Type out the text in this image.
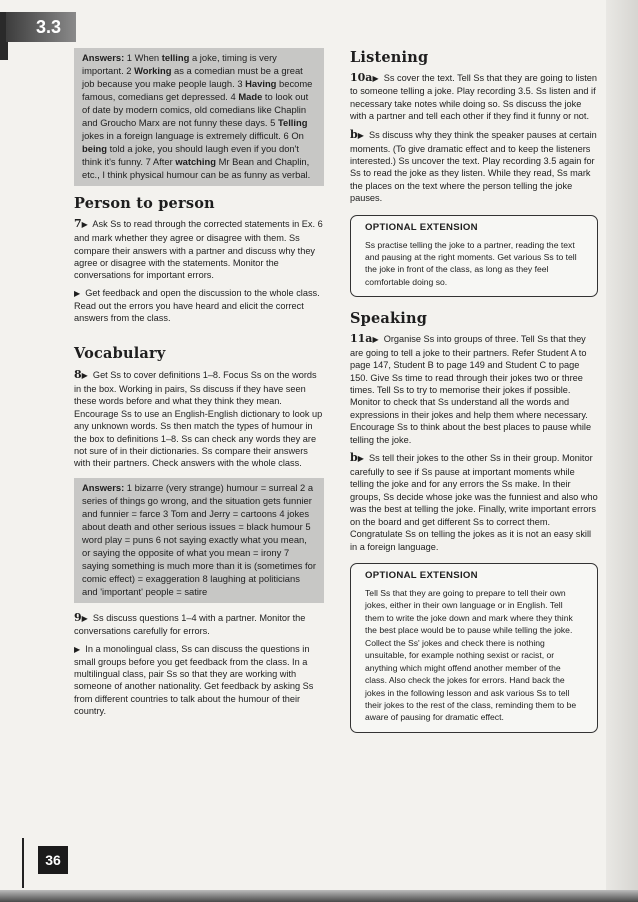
3.3
Answers: 1 When telling a joke, timing is very important. 2 Working as a comedian must be a great job because you make people laugh. 3 Having become famous, comedians get depressed. 4 Made to look out of date by modern comics, old comedians like Chaplin and Groucho Marx are not funny these days. 5 Telling jokes in a foreign language is extremely difficult. 6 On being told a joke, you should laugh even if you don't think it's funny. 7 After watching Mr Bean and Chaplin, etc., I think physical humour can be as funny as verbal.
Person to person

7▶ Ask Ss to read through the corrected statements in Ex. 6 and mark whether they agree or disagree with them. Ss compare their answers with a partner and discuss why they agree or disagree with the statements. Monitor the conversations for important errors.

▶ Get feedback and open the discussion to the whole class. Read out the errors you have heard and elicit the correct answers from the class.

Vocabulary

8▶ Get Ss to cover definitions 1–8. Focus Ss on the words in the box. Working in pairs, Ss discuss if they have seen these words before and what they think they mean. Encourage Ss to use an English-English dictionary to look up any unknown words. Ss then match the types of humour in the box to definitions 1–8. Ss can check any words they are not sure of in their dictionaries. Ss compare their answers with their partners. Check answers with the whole class.

Answers: 1 bizarre (very strange) humour = surreal 2 a series of things go wrong, and the situation gets funnier and funnier = farce 3 Tom and Jerry = cartoons 4 jokes about death and other serious issues = black humour 5 word play = puns 6 not saying exactly what you mean, or saying the opposite of what you mean = irony 7 saying something is much more than it is (sometimes for comic effect) = exaggeration 8 laughing at politicians and 'important' people = satire

9▶ Ss discuss questions 1–4 with a partner. Monitor the conversations carefully for errors.

▶ In a monolingual class, Ss can discuss the questions in small groups before you get feedback from the class. In a multilingual class, pair Ss so that they are working with someone of another nationality. Get feedback by asking Ss from different countries to talk about the humour of their country.

Listening

10a▶ Ss cover the text. Tell Ss that they are going to listen to someone telling a joke. Play recording 3.5. Ss listen and if necessary take notes while doing so. Ss discuss the joke with a partner and tell each other if they find it funny or not.

b▶ Ss discuss why they think the speaker pauses at certain moments. (To give dramatic effect and to keep the listeners interested.) Ss uncover the text. Play recording 3.5 again for Ss to read the joke as they listen. While they read, Ss mark the places on the text where the person telling the joke pauses.

OPTIONAL EXTENSION
Ss practise telling the joke to a partner, reading the text and pausing at the right moments. Get various Ss to tell the joke in front of the class, as long as they feel comfortable doing so.
Speaking

11a▶ Organise Ss into groups of three. Tell Ss that they are going to tell a joke to their partners. Refer Student A to page 147, Student B to page 149 and Student C to page 150. Give Ss time to read through their jokes two or three times. Tell Ss to try to memorise their jokes if possible. Monitor to check that Ss understand all the words and expressions in their jokes and help them where necessary. Encourage Ss to think about the best places to pause while telling the joke.

b▶ Ss tell their jokes to the other Ss in their group. Monitor carefully to see if Ss pause at important moments while telling the joke and for any errors the Ss make. In their groups, Ss decide whose joke was the funniest and also who was the best at telling the joke. Finally, write important errors on the board and get different Ss to correct them. Congratulate Ss on telling the jokes as it is not an easy skill in a foreign language.

OPTIONAL EXTENSION
Tell Ss that they are going to prepare to tell their own jokes, either in their own language or in English. Tell them to write the joke down and mark where they think the best place would be to pause while telling the joke. Collect the Ss' jokes and check there is nothing unsuitable, for example nothing sexist or racist, or anything which might offend another member of the class. Also check the jokes for errors. Hand back the jokes in the following lesson and ask various Ss to tell their jokes to the rest of the class, reminding them to be aware of pausing for dramatic effect.
36
